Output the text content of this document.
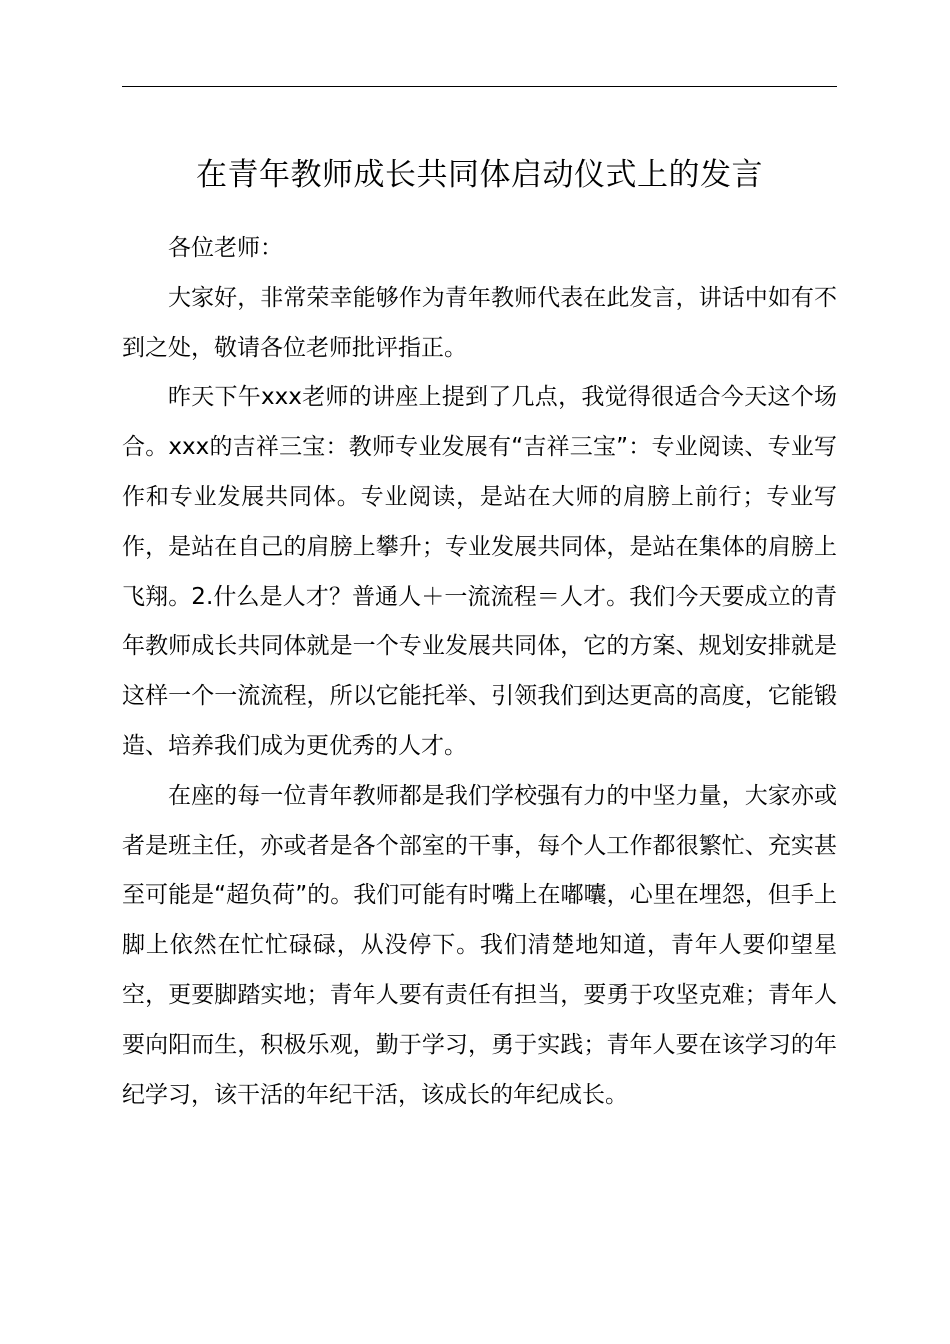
在青年教师成长共同体启动仪式上的发言

各位老师：

大家好，非常荣幸能够作为青年教师代表在此发言，讲话中如有不到之处，敬请各位老师批评指正。

昨天下午xxx老师的讲座上提到了几点，我觉得很适合今天这个场合。xxx的吉祥三宝：教师专业发展有“吉祥三宝”：专业阅读、专业写作和专业发展共同体。专业阅读，是站在大师的肩膀上前行；专业写作，是站在自己的肩膀上攀升；专业发展共同体，是站在集体的肩膀上飞翔。2.什么是人才？普通人＋一流流程＝人才。我们今天要成立的青年教师成长共同体就是一个专业发展共同体，它的方案、规划安排就是这样一个一流流程，所以它能托举、引领我们到达更高的高度，它能锻造、培养我们成为更优秀的人才。

在座的每一位青年教师都是我们学校强有力的中坚力量，大家亦或者是班主任，亦或者是各个部室的干事，每个人工作都很繁忙、充实甚至可能是“超负荷”的。我们可能有时嘴上在嘟囔，心里在埋怨，但手上脚上依然在忙忙碌碌，从没停下。我们清楚地知道，青年人要仰望星空，更要脚踏实地；青年人要有责任有担当，要勇于攻坚克难；青年人要向阳而生，积极乐观，勤于学习，勇于实践；青年人要在该学习的年纪学习，该干活的年纪干活，该成长的年纪成长。
